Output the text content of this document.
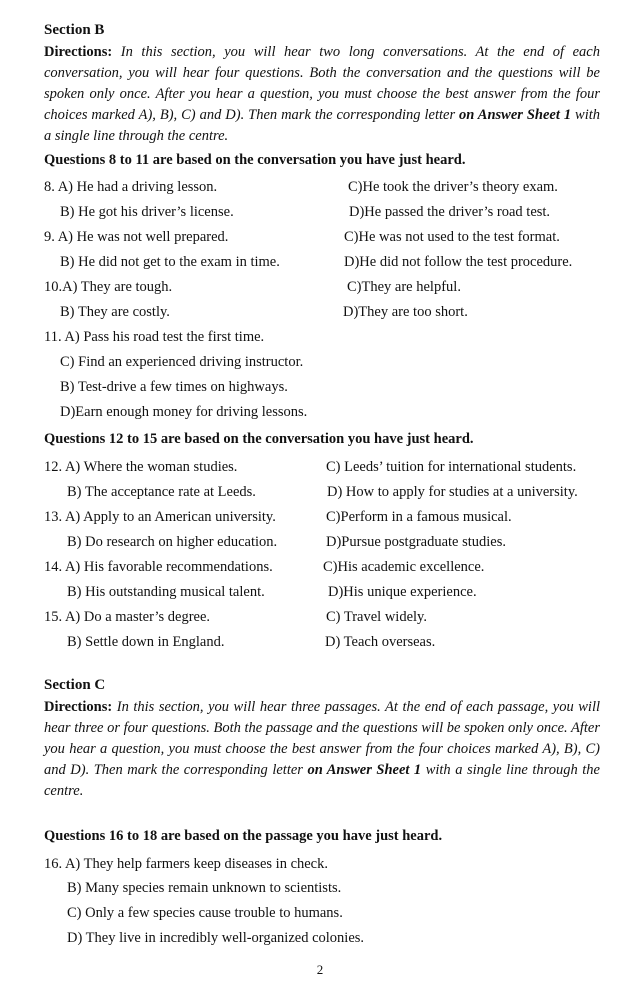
Section B
Directions: In this section, you will hear two long conversations. At the end of each conversation, you will hear four questions. Both the conversation and the questions will be spoken only once. After you hear a question, you must choose the best answer from the four choices marked A), B), C) and D). Then mark the corresponding letter on Answer Sheet 1 with a single line through the centre.
Questions 8 to 11 are based on the conversation you have just heard.
8. A) He had a driving lesson.	C)He took the driver’s theory exam.
B) He got his driver’s license.	D)He passed the driver’s road test.
9. A) He was not well prepared.	C)He was not used to the test format.
B) He did not get to the exam in time.	D)He did not follow the test procedure.
10.A) They are tough.	C)They are helpful.
B) They are costly.	D)They are too short.
11. A) Pass his road test the first time.
C) Find an experienced driving instructor.
B) Test-drive a few times on highways.
D)Earn enough money for driving lessons.
Questions 12 to 15 are based on the conversation you have just heard.
12. A) Where the woman studies.	C) Leeds’ tuition for international students.
B) The acceptance rate at Leeds.	D) How to apply for studies at a university.
13. A) Apply to an American university.	C)Perform in a famous musical.
B) Do research on higher education.	D)Pursue postgraduate studies.
14. A) His favorable recommendations.	C)His academic excellence.
B) His outstanding musical talent.	D)His unique experience.
15. A) Do a master’s degree.	C) Travel widely.
B) Settle down in England.	D) Teach overseas.
Section C
Directions: In this section, you will hear three passages. At the end of each passage, you will hear three or four questions. Both the passage and the questions will be spoken only once. After you hear a question, you must choose the best answer from the four choices marked A), B), C) and D). Then mark the corresponding letter on Answer Sheet 1 with a single line through the centre.
Questions 16 to 18 are based on the passage you have just heard.
16. A) They help farmers keep diseases in check.
B) Many species remain unknown to scientists.
C) Only a few species cause trouble to humans.
D) They live in incredibly well-organized colonies.
2
